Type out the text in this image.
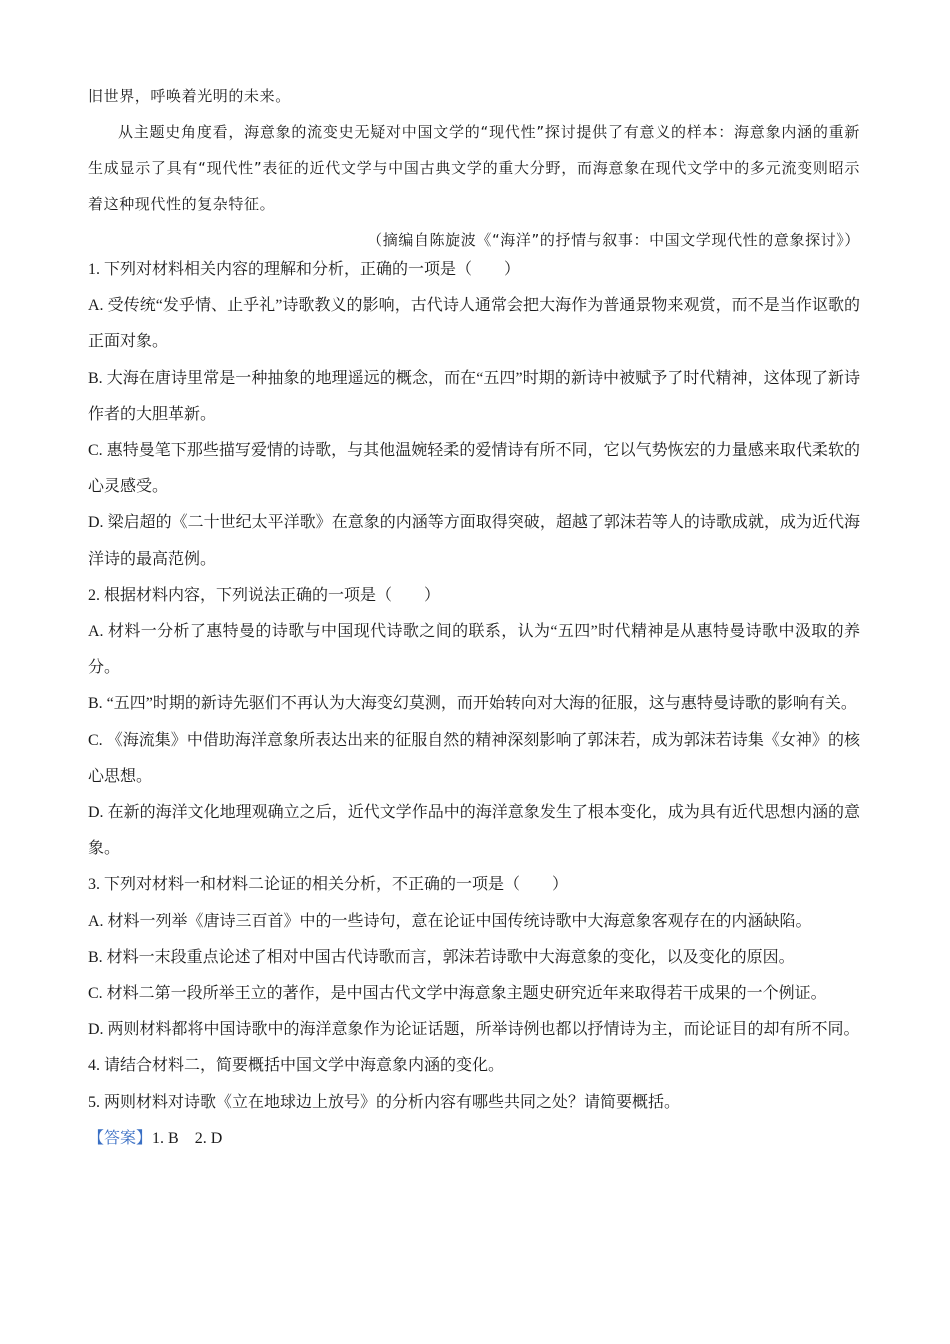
旧世界，呼唤着光明的未来。

从主题史角度看，海意象的流变史无疑对中国文学的“现代性”探讨提供了有意义的样本：海意象内涵的重新生成显示了具有“现代性”表征的近代文学与中国古典文学的重大分野，而海意象在现代文学中的多元流变则昭示着这种现代性的复杂特征。

（摘编自陈旋波《“海洋”的抒情与叙事：中国文学现代性的意象探讨》）

1. 下列对材料相关内容的理解和分析，正确的一项是（　　）

A. 受传统“发乎情、止乎礼”诗歌教义的影响，古代诗人通常会把大海作为普通景物来观赏，而不是当作讴歌的正面对象。

B. 大海在唐诗里常是一种抽象的地理遥远的概念，而在“五四”时期的新诗中被赋予了时代精神，这体现了新诗作者的大胆革新。

C. 惠特曼笔下那些描写爱情的诗歌，与其他温婉轻柔的爱情诗有所不同，它以气势恢宏的力量感来取代柔软的心灵感受。

D. 梁启超的《二十世纪太平洋歌》在意象的内涵等方面取得突破，超越了郭沫若等人的诗歌成就，成为近代海洋诗的最高范例。

2. 根据材料内容，下列说法正确的一项是（　　）

A. 材料一分析了惠特曼的诗歌与中国现代诗歌之间的联系，认为“五四”时代精神是从惠特曼诗歌中汲取的养分。

B. “五四”时期的新诗先驱们不再认为大海变幻莫测，而开始转向对大海的征服，这与惠特曼诗歌的影响有关。

C. 《海流集》中借助海洋意象所表达出来的征服自然的精神深刻影响了郭沫若，成为郭沫若诗集《女神》的核心思想。

D. 在新的海洋文化地理观确立之后，近代文学作品中的海洋意象发生了根本变化，成为具有近代思想内涵的意象。

3. 下列对材料一和材料二论证的相关分析，不正确的一项是（　　）

A. 材料一列举《唐诗三百首》中的一些诗句，意在论证中国传统诗歌中大海意象客观存在的内涵缺陷。

B. 材料一末段重点论述了相对中国古代诗歌而言，郭沫若诗歌中大海意象的变化，以及变化的原因。

C. 材料二第一段所举王立的著作，是中国古代文学中海意象主题史研究近年来取得若干成果的一个例证。

D. 两则材料都将中国诗歌中的海洋意象作为论证话题，所举诗例也都以抒情诗为主，而论证目的却有所不同。

4. 请结合材料二，简要概括中国文学中海意象内涵的变化。

5. 两则材料对诗歌《立在地球边上放号》的分析内容有哪些共同之处？请简要概括。

【答案】1. B　2. D
